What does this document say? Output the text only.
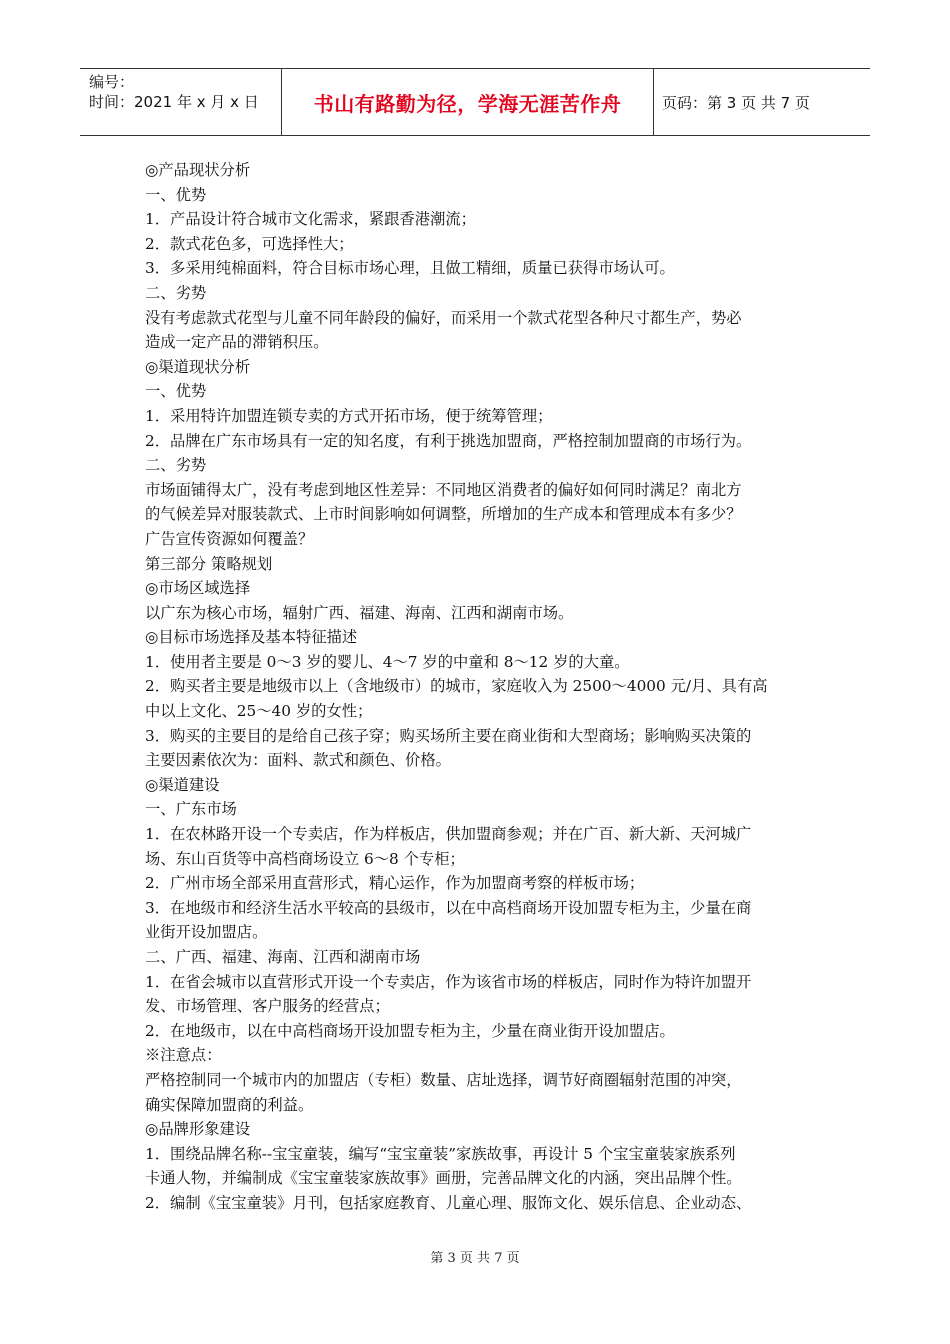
编号：
时间：2021 年 x 月 x 日	书山有路勤为径，学海无涯苦作舟	页码：第 3 页 共 7 页
◎产品现状分析
一、优势
1．产品设计符合城市文化需求，紧跟香港潮流；
2．款式花色多，可选择性大；
3．多采用纯棉面料，符合目标市场心理，且做工精细，质量已获得市场认可。
二、劣势
没有考虑款式花型与儿童不同年龄段的偏好，而采用一个款式花型各种尺寸都生产，势必
造成一定产品的滞销积压。
◎渠道现状分析
一、优势
1．采用特许加盟连锁专卖的方式开拓市场，便于统筹管理；
2．品牌在广东市场具有一定的知名度，有利于挑选加盟商，严格控制加盟商的市场行为。
二、劣势
市场面铺得太广，没有考虑到地区性差异：不同地区消费者的偏好如何同时满足？南北方
的气候差异对服装款式、上市时间影响如何调整，所增加的生产成本和管理成本有多少？
广告宣传资源如何覆盖？
第三部分 策略规划
◎市场区域选择
以广东为核心市场，辐射广西、福建、海南、江西和湖南市场。
◎目标市场选择及基本特征描述
1．使用者主要是 0～3 岁的婴儿、4～7 岁的中童和 8～12 岁的大童。
2．购买者主要是地级市以上（含地级市）的城市，家庭收入为 2500～4000 元/月、具有高
中以上文化、25～40 岁的女性；
3．购买的主要目的是给自己孩子穿；购买场所主要在商业街和大型商场；影响购买决策的
主要因素依次为：面料、款式和颜色、价格。
◎渠道建设
一、广东市场
1．在农林路开设一个专卖店，作为样板店，供加盟商参观；并在广百、新大新、天河城广
场、东山百货等中高档商场设立 6～8 个专柜；
2．广州市场全部采用直营形式，精心运作，作为加盟商考察的样板市场；
3．在地级市和经济生活水平较高的县级市，以在中高档商场开设加盟专柜为主，少量在商
业街开设加盟店。
二、广西、福建、海南、江西和湖南市场
1．在省会城市以直营形式开设一个专卖店，作为该省市场的样板店，同时作为特许加盟开
发、市场管理、客户服务的经营点；
2．在地级市，以在中高档商场开设加盟专柜为主，少量在商业街开设加盟店。
※注意点：
严格控制同一个城市内的加盟店（专柜）数量、店址选择，调节好商圈辐射范围的冲突，
确实保障加盟商的利益。
◎品牌形象建设
1．围绕品牌名称--宝宝童装，编写“宝宝童装”家族故事，再设计 5 个宝宝童装家族系列
卡通人物，并编制成《宝宝童装家族故事》画册，完善品牌文化的内涵，突出品牌个性。
2．编制《宝宝童装》月刊，包括家庭教育、儿童心理、服饰文化、娱乐信息、企业动态、
第 3 页 共 7 页
